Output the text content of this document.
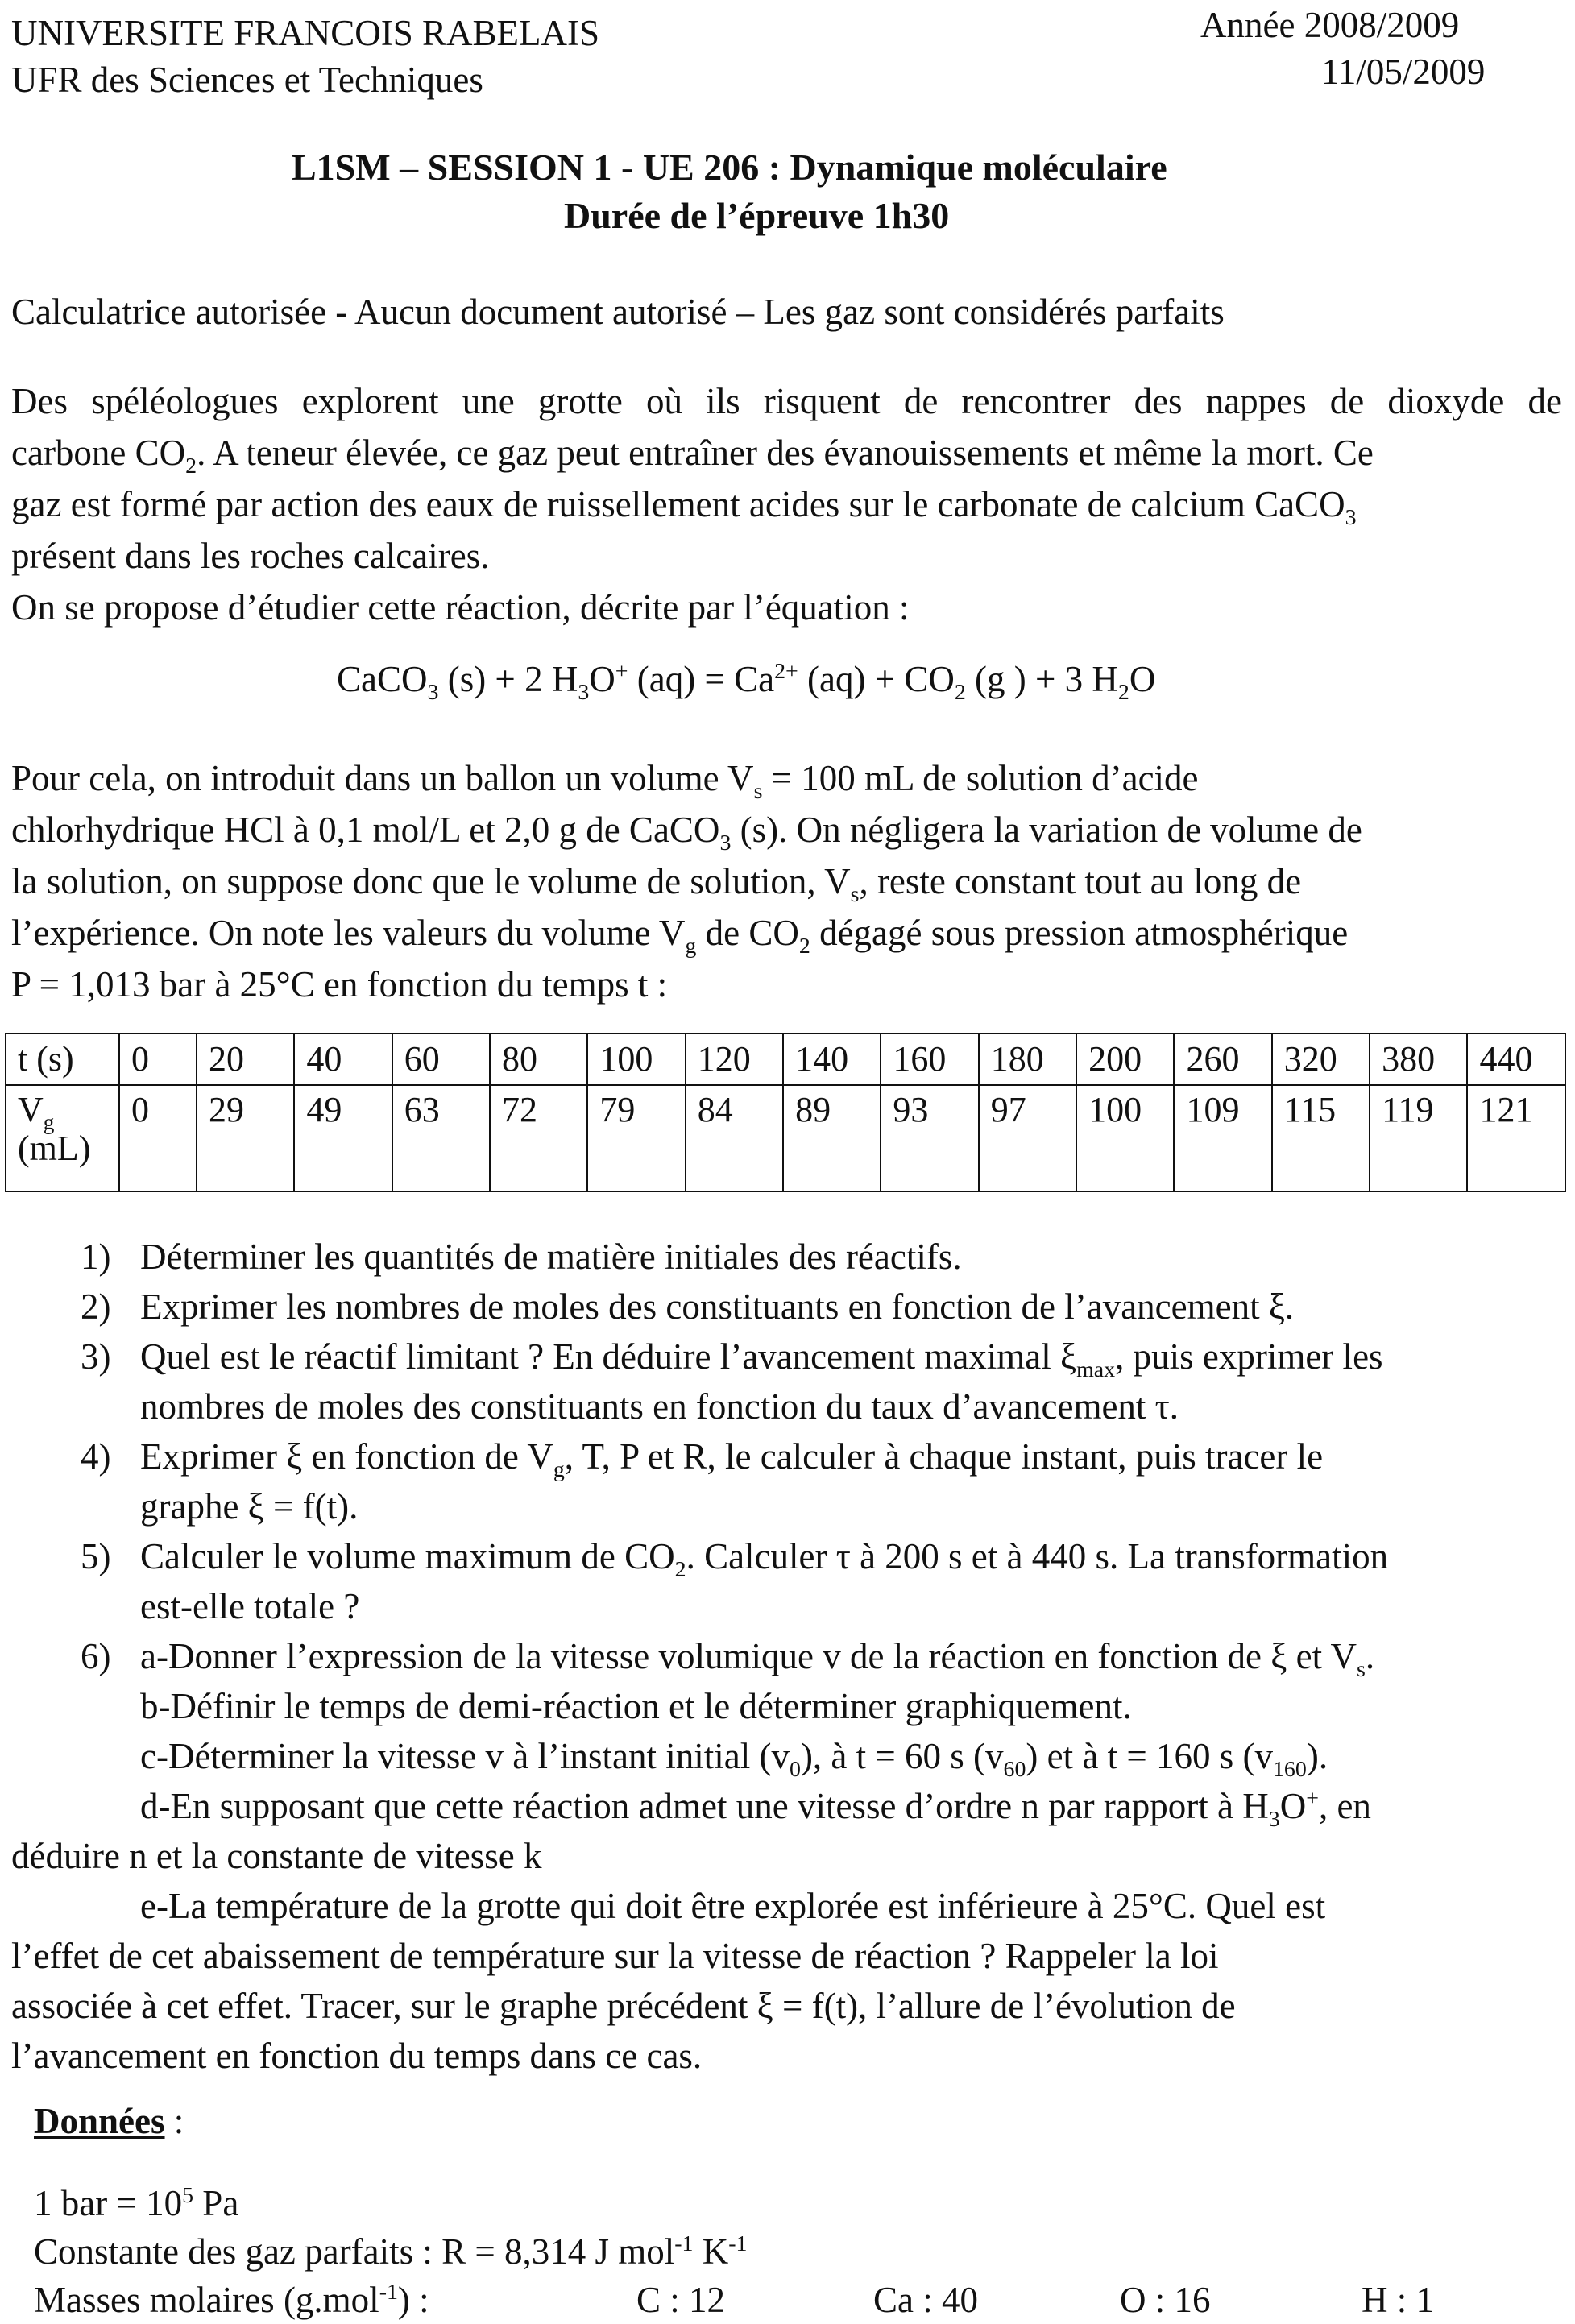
UNIVERSITE FRANCOIS RABELAIS
UFR des Sciences et Techniques
Année 2008/2009
11/05/2009
L1SM – SESSION 1 - UE 206 : Dynamique moléculaire
Durée de l’épreuve 1h30
Calculatrice autorisée - Aucun document autorisé – Les gaz sont considérés parfaits
Des spéléologues explorent une grotte où ils risquent de rencontrer des nappes de dioxyde de
carbone $CO_2$. A teneur élevée, ce gaz peut entraîner des évanouissements et même la mort. Ce
gaz est formé par action des eaux de ruissellement acides sur le carbonate de calcium CaCO$_3$
présent dans les roches calcaires.
On se propose d’étudier cette réaction, décrite par l’équation :
CaCO$_3$ (s) + 2 $H_3O^+$ $(aq) = Ca^{2+}$ $(aq) + CO_2$ (g ) + 3 $H_2O$
Pour cela, on introduit dans un ballon un volume $V_s = 100$ mL de solution d’acide
chlorhydrique HCl à 0,1 mol/L et 2,0 g de CaCO$_3$ (s). On négligera la variation de volume de
la solution, on suppose donc que le volume de solution, $V_s$, reste constant tout au long de
l’expérience. On note les valeurs du volume $V_g$ de $CO_2$ dégagé sous pression atmosphérique
P = 1,013 bar à 25°C en fonction du temps t :
t (s)	0	20	40	60	80	100	120	140	160	180	200	260	320	380	440
$V_g$
(mL)	0	29	49	63	72	79	84	89	93	97	100	109	115	119	121
1) Déterminer les quantités de matière initiales des réactifs.
2) Exprimer les nombres de moles des constituants en fonction de l’avancement ξ.
3) Quel est le réactif limitant ? En déduire l’avancement maximal $\xi_{max}$, puis exprimer les
nombres de moles des constituants en fonction du taux d’avancement τ.
4) Exprimer ξ en fonction de $V_g$, T, P et R, le calculer à chaque instant, puis tracer le
graphe ξ = f(t).
5) Calculer le volume maximum de $CO_2$. Calculer τ à 200 s et à 440 s. La transformation
est-elle totale ?
6) a-Donner l’expression de la vitesse volumique v de la réaction en fonction de ξ et $V_s$.
b-Définir le temps de demi-réaction et le déterminer graphiquement.
c-Déterminer la vitesse v à l’instant initial $(v_0)$, à t = 60 s $(v_{60})$ et à t = 160 s $(v_{160})$.
d-En supposant que cette réaction admet une vitesse d’ordre n par rapport à $H_3O^+$, en
déduire n et la constante de vitesse k
e-La température de la grotte qui doit être explorée est inférieure à 25°C. Quel est
l’effet de cet abaissement de température sur la vitesse de réaction ? Rappeler la loi
associée à cet effet. Tracer, sur le graphe précédent ξ = f(t), l’allure de l’évolution de
l’avancement en fonction du temps dans ce cas.
Données :
1 bar = $10^5$ Pa
Constante des gaz parfaits : R = 8,314 J mol$^{-1}$ $K^{-1}$
Masses molaires (g.mol$^{-1}$) :	C : 12	Ca : 40	O : 16	H : 1
